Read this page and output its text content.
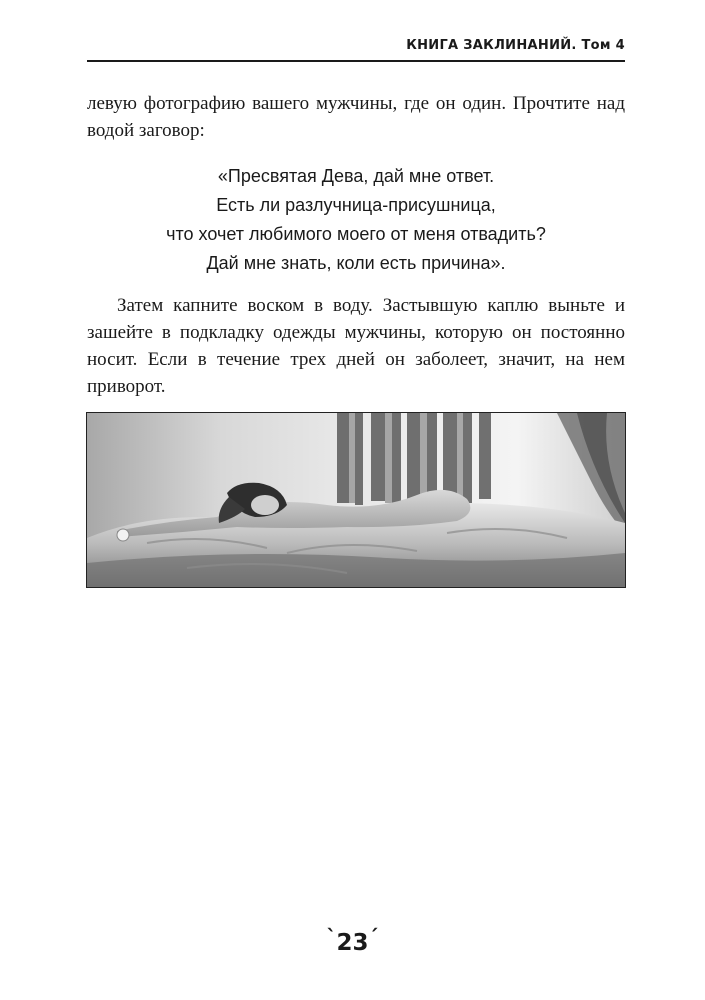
КНИГА ЗАКЛИНАНИЙ. Том 4

левую фотографию вашего мужчины, где он один. Прочтите над водой заговор:

«Пресвятая Дева, дай мне ответ.
Есть ли разлучница-присушница,
что хочет любимого моего от меня отвадить?
Дай мне знать, коли есть причина».

Затем капните воском в воду. Застывшую каплю выньте и зашейте в подкладку одежды мужчины, которую он постоянно носит. Если в течение трех дней он заболеет, значит, на нем приворот.

`23´
